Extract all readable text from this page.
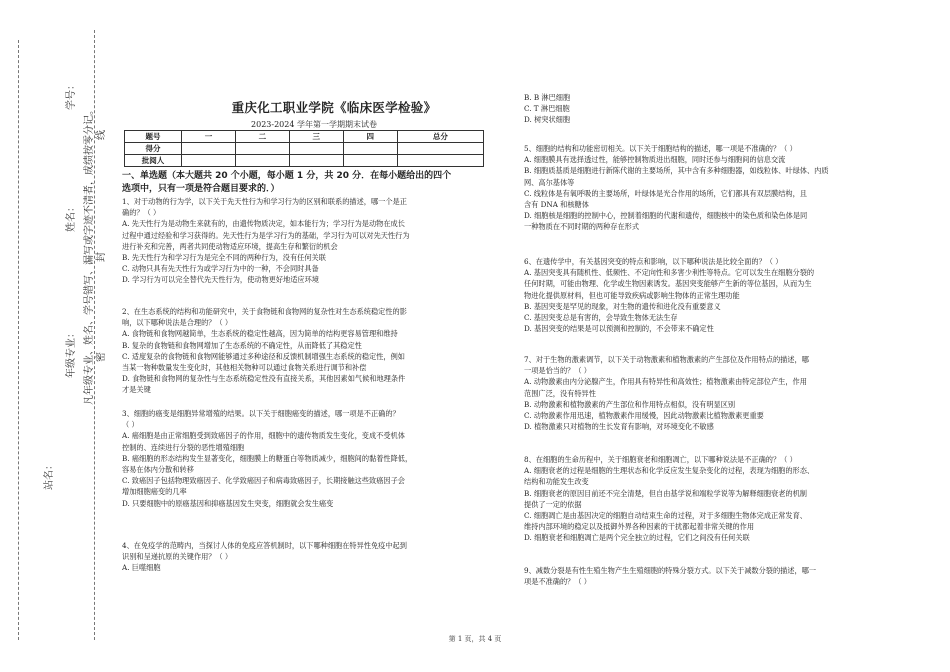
学号：
姓名：
年级专业：
站名：
凡年级专业、姓名、学号错写、漏写或字迹不清者，成绩按零分记。 密
封
线
重庆化工职业学院《临床医学检验》
2023-2024 学年第一学期期末试卷
题号	一	二	三	四	总分
得分					
批阅人					
一、单选题（本大题共 20 个小题，每小题 1 分，共 20 分．在每小题给出的四个
选项中，只有一项是符合题目要求的．）

1、对于动物的行为学，以下关于先天性行为和学习行为的区别和联系的描述，哪一个是正

确的？（ ）

A. 先天性行为是动物生来就有的，由遗传物质决定，如本能行为；学习行为是动物在成长

过程中通过经验和学习获得的。先天性行为是学习行为的基础，学习行为可以对先天性行为

进行补充和完善，两者共同使动物适应环境，提高生存和繁衍的机会

B. 先天性行为和学习行为是完全不同的两种行为，没有任何关联

C. 动物只具有先天性行为或学习行为中的一种，不会同时具备

D. 学习行为可以完全替代先天性行为，使动物更好地适应环境

2、在生态系统的结构和功能研究中，关于食物链和食物网的复杂性对生态系统稳定性的影

响，以下哪种说法是合理的？（ ）

A. 食物链和食物网越简单，生态系统的稳定性越高，因为简单的结构更容易管理和维持

B. 复杂的食物链和食物网增加了生态系统的不确定性，从而降低了其稳定性

C. 适度复杂的食物链和食物网能够通过多种途径和反馈机制增强生态系统的稳定性，例如

当某一物种数量发生变化时，其他相关物种可以通过食物关系进行调节和补偿

D. 食物链和食物网的复杂性与生态系统稳定性没有直接关系，其他因素如气候和地理条件

才是关键

3、细胞的癌变是细胞异常增殖的结果。以下关于细胞癌变的描述，哪一项是不正确的？

（ ）

A. 癌细胞是由正常细胞受到致癌因子的作用，细胞中的遗传物质发生变化，变成不受机体

控制的、连续进行分裂的恶性增殖细胞

B. 癌细胞的形态结构发生显著变化，细胞膜上的糖蛋白等物质减少，细胞间的黏着性降低，

容易在体内分散和转移

C. 致癌因子包括物理致癌因子、化学致癌因子和病毒致癌因子，长期接触这些致癌因子会

增加细胞癌变的几率

D. 只要细胞中的原癌基因和抑癌基因发生突变，细胞就会发生癌变

4、在免疫学的范畴内，当探讨人体的免疫应答机制时，以下哪种细胞在特异性免疫中起到

识别和呈递抗原的关键作用？（ ）

A. 巨噬细胞

B. B 淋巴细胞

C. T 淋巴细胞

D. 树突状细胞

5、细胞的结构和功能密切相关。以下关于细胞结构的描述，哪一项是不准确的？（ ）

A. 细胞膜具有选择透过性，能够控制物质进出细胞，同时还参与细胞间的信息交流

B. 细胞质基质是细胞进行新陈代谢的主要场所，其中含有多种细胞器，如线粒体、叶绿体、内质

网、高尔基体等

C. 线粒体是有氧呼吸的主要场所，叶绿体是光合作用的场所，它们都具有双层膜结构，且

含有 DNA 和核糖体

D. 细胞核是细胞的控制中心，控制着细胞的代谢和遗传，细胞核中的染色质和染色体是同

一种物质在不同时期的两种存在形式

6、在遗传学中，有关基因突变的特点和影响，以下哪种说法是比较全面的？（ ）

A. 基因突变具有随机性、低频性、不定向性和多害少利性等特点。它可以发生在细胞分裂的

任何时期，可能由物理、化学或生物因素诱发。基因突变能够产生新的等位基因，从而为生

物进化提供原材料，但也可能导致疾病或影响生物体的正常生理功能

B. 基因突变是罕见的现象，对生物的遗传和进化没有重要意义

C. 基因突变总是有害的，会导致生物体无法生存

D. 基因突变的结果是可以预测和控制的，不会带来不确定性

7、对于生物的激素调节，以下关于动物激素和植物激素的产生部位及作用特点的描述，哪

一项是恰当的？（ ）

A. 动物激素由内分泌腺产生，作用具有特异性和高效性；植物激素由特定部位产生，作用

范围广泛，没有特异性

B. 动物激素和植物激素的产生部位和作用特点相似，没有明显区别

C. 动物激素作用迅速，植物激素作用缓慢，因此动物激素比植物激素更重要

D. 植物激素只对植物的生长发育有影响，对环境变化不敏感

8、在细胞的生命历程中，关于细胞衰老和细胞凋亡，以下哪种说法是不正确的？（ ）

A. 细胞衰老的过程是细胞的生理状态和化学反应发生复杂变化的过程，表现为细胞的形态、

结构和功能发生改变

B. 细胞衰老的原因目前还不完全清楚，但自由基学说和端粒学说等为解释细胞衰老的机制

提供了一定的依据

C. 细胞凋亡是由基因决定的细胞自动结束生命的过程，对于多细胞生物体完成正常发育、

维持内部环境的稳定以及抵御外界各种因素的干扰都起着非常关键的作用

D. 细胞衰老和细胞凋亡是两个完全独立的过程，它们之间没有任何关联

9、减数分裂是有性生殖生物产生生殖细胞的特殊分裂方式。以下关于减数分裂的描述，哪一

项是不准确的？（ ）

第 1 页，共 4 页
